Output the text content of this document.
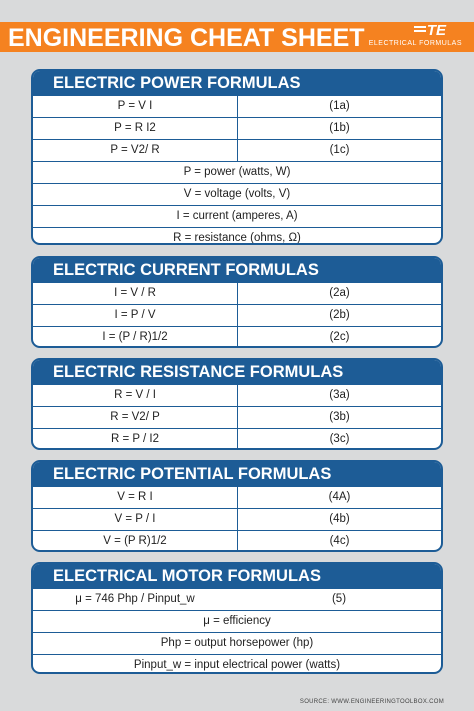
ENGINEERING CHEAT SHEET	TE
ELECTRICAL FORMULAS
ELECTRIC POWER FORMULAS
P = V I	(1a)
P = R I2	(1b)
P = V2/ R	(1c)
P = power (watts, W)
V = voltage (volts, V)
I = current (amperes, A)
R = resistance (ohms, Ω)
ELECTRIC CURRENT FORMULAS
I = V / R	(2a)
I = P / V	(2b)
I = (P / R)1/2	(2c)
ELECTRIC RESISTANCE FORMULAS
R = V / I	(3a)
R = V2/ P	(3b)
R = P / I2	(3c)
ELECTRIC POTENTIAL FORMULAS
V = R I	(4A)
V = P / I	(4b)
V = (P R)1/2	(4c)
ELECTRICAL MOTOR FORMULAS
μ = 746 Php / Pinput_w	(5)
μ = efficiency
Php = output horsepower (hp)
Pinput_w = input electrical power (watts)
SOURCE: WWW.ENGINEERINGTOOLBOX.COM
